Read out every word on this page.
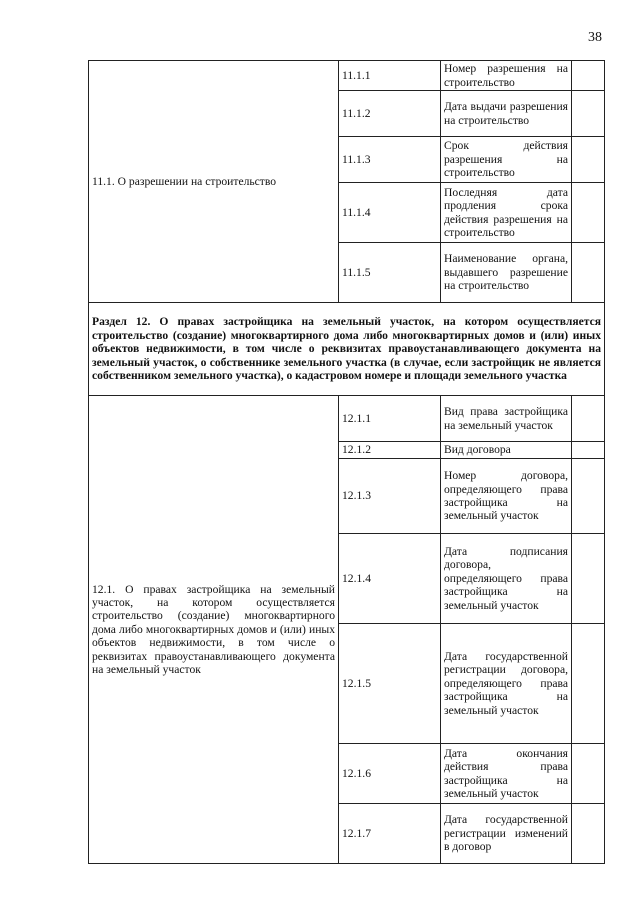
38
11.1. О разрешении на строительство	11.1.1	Номер разрешения на строительство	

	11.1.2	Дата выдачи разрешения на строительство	

	11.1.3	Срок действия разрешения на строительство	

	11.1.4	Последняя дата продления срока действия разрешения на строительство	

	11.1.5	Наименование органа, выдавшего разрешение на строительство	

Раздел 12. О правах застройщика на земельный участок, на котором осуществляется строительство (создание) многоквартирного дома либо многоквартирных домов и (или) иных объектов недвижимости, в том числе о реквизитах правоустанавливающего документа на земельный участок, о собственнике земельного участка (в случае, если застройщик не является собственником земельного участка), о кадастровом номере и площади земельного участка			
12.1. О правах застройщика на земельный участок, на котором осуществляется строительство (создание) многоквартирного дома либо многоквартирных домов и (или) иных объектов недвижимости, в том числе о реквизитах правоустанавливающего документа на земельный участок	12.1.1	Вид права застройщика на земельный участок	

	12.1.2	Вид договора	

	12.1.3	Номер договора, определяющего права застройщика на земельный участок	

	12.1.4	Дата подписания договора, определяющего права застройщика на земельный участок	

	12.1.5	Дата государственной регистрации договора, определяющего права застройщика на земельный участок	

	12.1.6	Дата окончания действия права застройщика на земельный участок	

	12.1.7	Дата государственной регистрации изменений в договор	
